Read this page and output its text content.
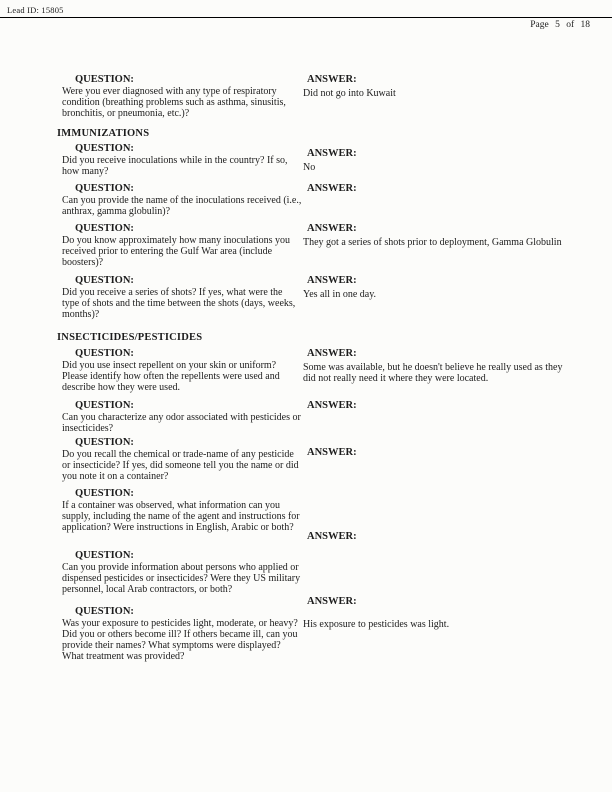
Lead ID: 15805
Page 5 of 18
QUESTION:
Were you ever diagnosed with any type of respiratory condition (breathing problems such as asthma, sinusitis, bronchitis, or pneumonia, etc.)?
ANSWER:
Did not go into Kuwait
IMMUNIZATIONS
QUESTION:
Did you receive inoculations while in the country? If so, how many?
ANSWER:
No
QUESTION:
Can you provide the name of the inoculations received (i.e., anthrax, gamma globulin)?
ANSWER:
QUESTION:
Do you know approximately how many inoculations you received prior to entering the Gulf War area (include boosters)?
ANSWER:
They got a series of shots prior to deployment, Gamma Globulin
QUESTION:
Did you receive a series of shots? If yes, what were the type of shots and the time between the shots (days, weeks, months)?
ANSWER:
Yes all in one day.
INSECTICIDES/PESTICIDES
QUESTION:
Did you use insect repellent on your skin or uniform? Please identify how often the repellents were used and describe how they were used.
ANSWER:
Some was available, but he doesn't believe he really used as they did not really need it where they were located.
QUESTION:
Can you characterize any odor associated with pesticides or insecticides?
ANSWER:
QUESTION:
Do you recall the chemical or trade-name of any pesticide or insecticide? If yes, did someone tell you the name or did you note it on a container?
ANSWER:
QUESTION:
If a container was observed, what information can you supply, including the name of the agent and instructions for application? Were instructions in English, Arabic or both?
ANSWER:
QUESTION:
Can you provide information about persons who applied or dispensed pesticides or insecticides? Were they US military personnel, local Arab contractors, or both?
ANSWER:
QUESTION:
Was your exposure to pesticides light, moderate, or heavy? Did you or others become ill? If others became ill, can you provide their names? What symptoms were displayed? What treatment was provided?
His exposure to pesticides was light.
